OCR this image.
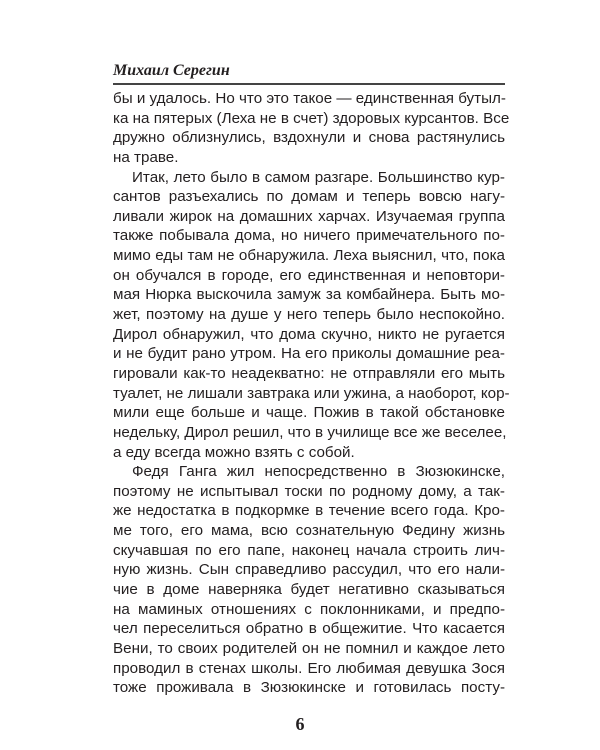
Михаил Серегин
бы и удалось. Но что это такое — единственная бутыл-
ка на пятерых (Леха не в счет) здоровых курсантов. Все
дружно облизнулись, вздохнули и снова растянулись
на траве.
Итак, лето было в самом разгаре. Большинство кур-
сантов разъехались по домам и теперь вовсю нагу-
ливали жирок на домашних харчах. Изучаемая группа
также побывала дома, но ничего примечательного по-
мимо еды там не обнаружила. Леха выяснил, что, пока
он обучался в городе, его единственная и неповтори-
мая Нюрка выскочила замуж за комбайнера. Быть мо-
жет, поэтому на душе у него теперь было неспокойно.
Дирол обнаружил, что дома скучно, никто не ругается
и не будит рано утром. На его приколы домашние реа-
гировали как-то неадекватно: не отправляли его мыть
туалет, не лишали завтрака или ужина, а наоборот, кор-
мили еще больше и чаще. Пожив в такой обстановке
недельку, Дирол решил, что в училище все же веселее,
а еду всегда можно взять с собой.
Федя Ганга жил непосредственно в Зюзюкинске,
поэтому не испытывал тоски по родному дому, а так-
же недостатка в подкормке в течение всего года. Кро-
ме того, его мама, всю сознательную Федину жизнь
скучавшая по его папе, наконец начала строить лич-
ную жизнь. Сын справедливо рассудил, что его нали-
чие в доме наверняка будет негативно сказываться
на маминых отношениях с поклонниками, и предпо-
чел переселиться обратно в общежитие. Что касается
Вени, то своих родителей он не помнил и каждое лето
проводил в стенах школы. Его любимая девушка Зося
тоже проживала в Зюзюкинске и готовилась посту-
6
